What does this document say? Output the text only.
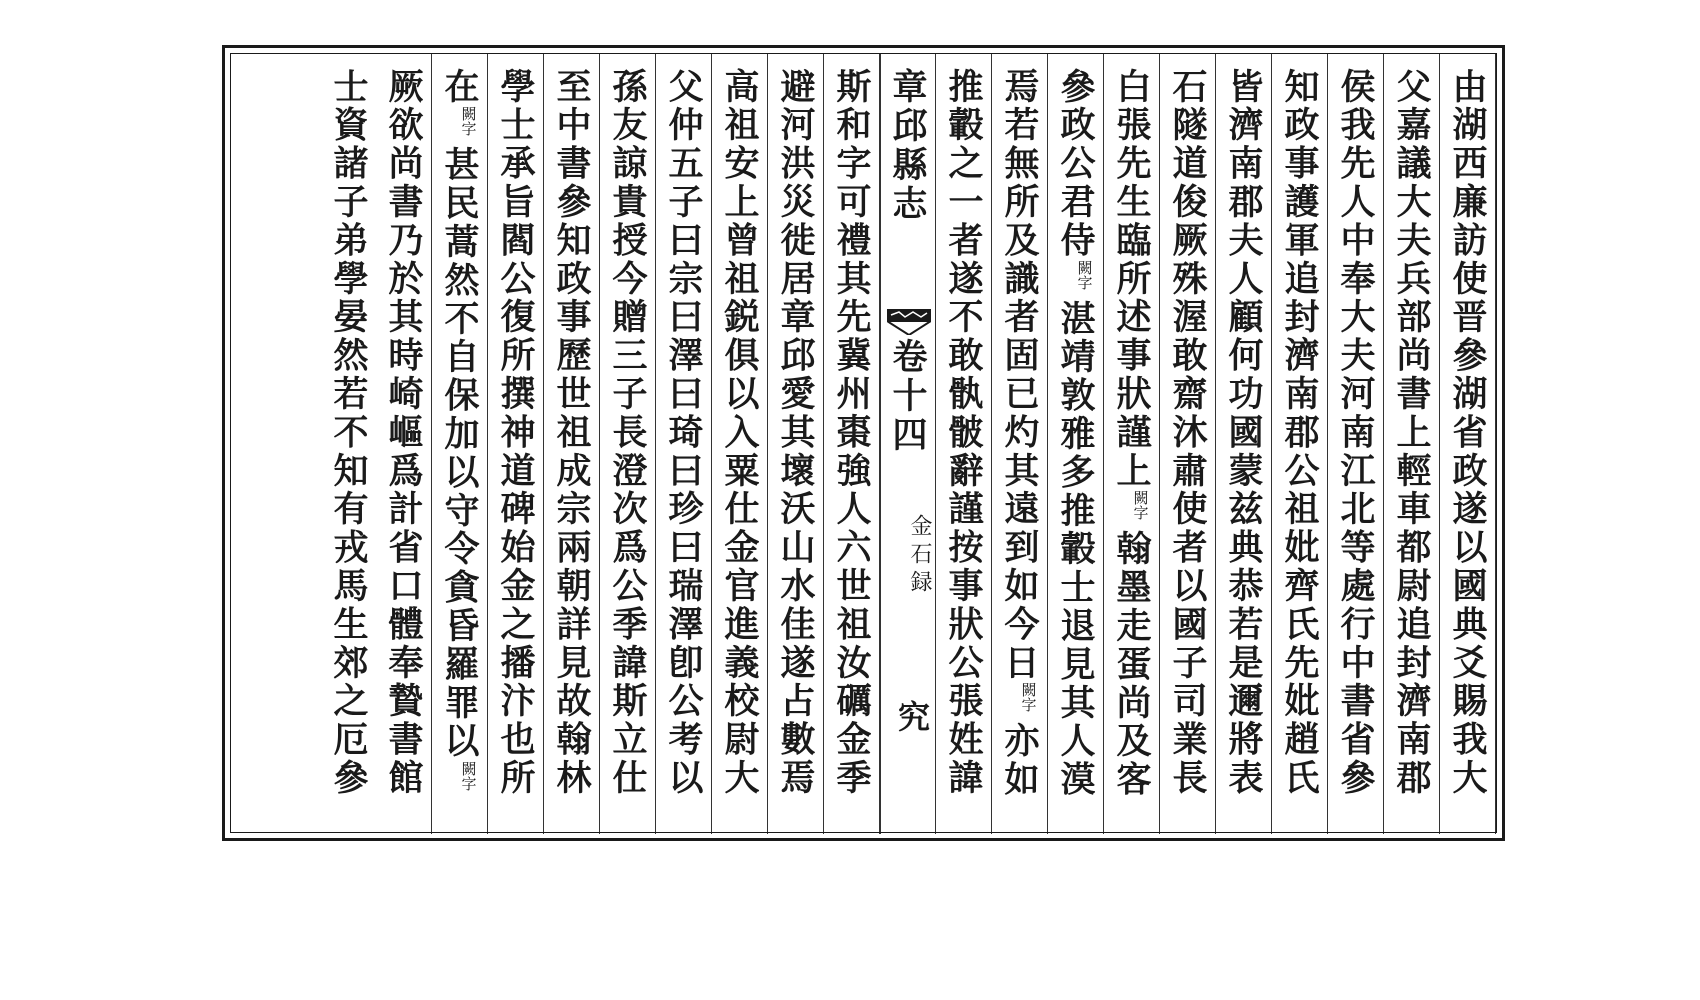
由湖西廉訪使晋參湖省政遂以國典爻賜我大
父嘉議大夫兵部尚書上輕車都尉追封濟南郡
侯我先人中奉大夫河南江北等處行中書省參
知政事護軍追封濟南郡公祖妣齊氏先妣趙氏
皆濟南郡夫人顧何功國蒙兹典恭若是邇將表
石隧道俊厥殊渥敢齋沐肅使者以國子司業長
白張先生臨所述事狀謹上闕字翰墨走蛋尚及客
參政公君侍闕字湛靖敦雅多推轂士退見其人漠
焉若無所及識者固已灼其遠到如今日闕字亦如
推轂之一者遂不敢骫骳辭謹按事狀公張姓諱
章邱縣志
卷十四
金石録
究
斯和字可禮其先冀州棗強人六世祖汝礪金季
避河洪災徙居章邱愛其壞沃山水佳遂占數焉
高祖安上曾祖鋭俱以入粟仕金官進義校尉大
父仲五子曰宗曰澤曰琦曰珍曰瑞澤卽公考以
孫友諒貴授今贈三子長澄次爲公季諱斯立仕
至中書參知政事歷世祖成宗兩朝詳見故翰林
學士承旨閻公復所撰神道碑始金之播汴也所
在闕字甚民蒿然不自保加以守令貪昏羅罪以闕字
厥欲尚書乃於其時崎嶇爲計省口體奉贄書館
士資諸子弟學晏然若不知有戎馬生郊之厄參
